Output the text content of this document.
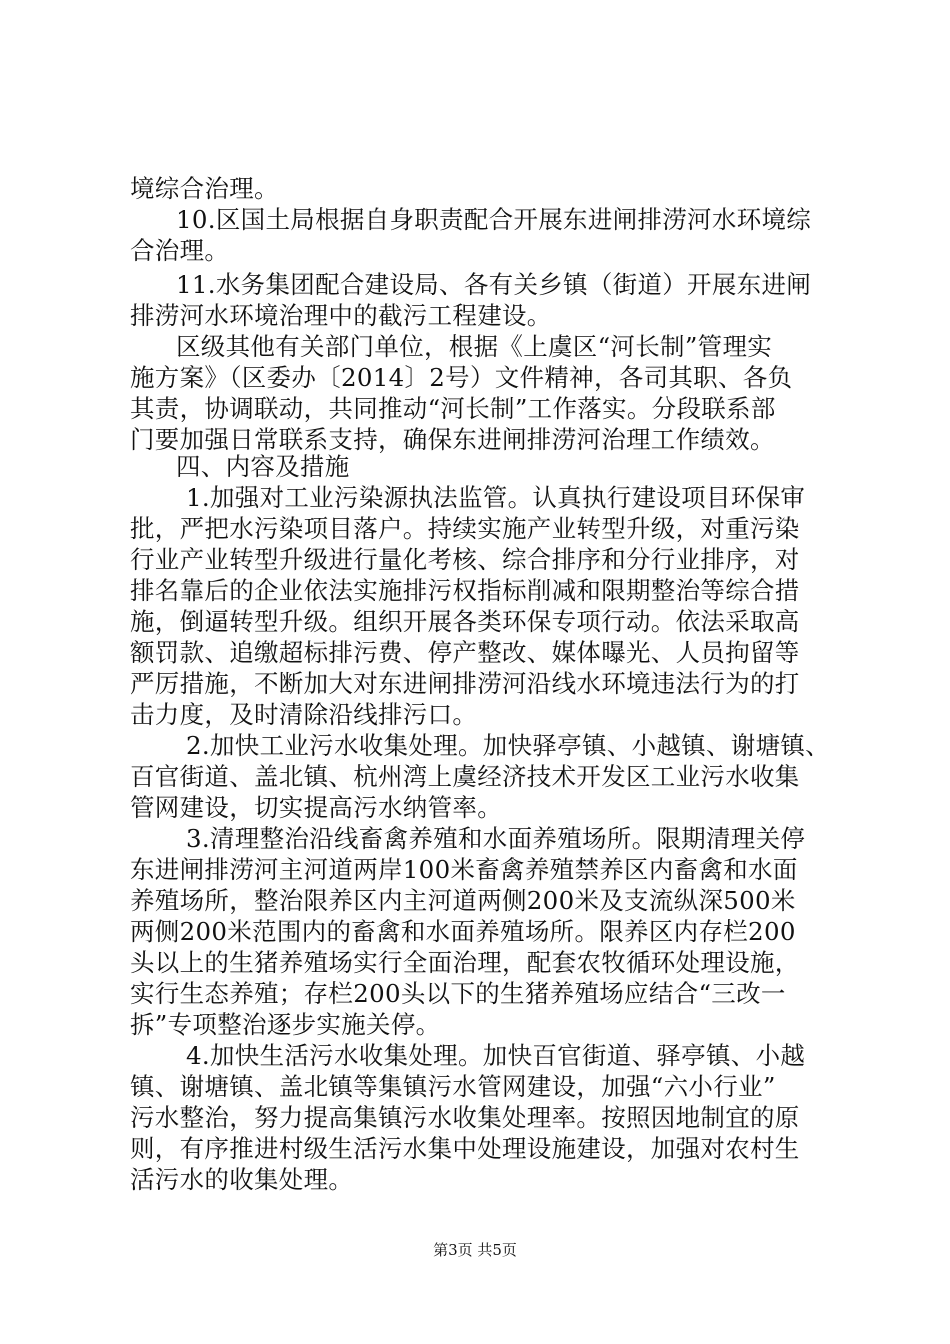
境综合治理。
10.区国土局根据自身职责配合开展东进闸排涝河水环境综
合治理。
11.水务集团配合建设局、各有关乡镇（街道）开展东进闸
排涝河水环境治理中的截污工程建设。
区级其他有关部门单位，根据《上虞区“河长制”管理实
施方案》（区委办〔2014〕2号）文件精神，各司其职、各负
其责，协调联动，共同推动“河长制”工作落实。分段联系部
门要加强日常联系支持，确保东进闸排涝河治理工作绩效。
四、内容及措施
1.加强对工业污染源执法监管。认真执行建设项目环保审
批，严把水污染项目落户。持续实施产业转型升级，对重污染
行业产业转型升级进行量化考核、综合排序和分行业排序，对
排名靠后的企业依法实施排污权指标削减和限期整治等综合措
施，倒逼转型升级。组织开展各类环保专项行动。依法采取高
额罚款、追缴超标排污费、停产整改、媒体曝光、人员拘留等
严厉措施，不断加大对东进闸排涝河沿线水环境违法行为的打
击力度，及时清除沿线排污口。
2.加快工业污水收集处理。加快驿亭镇、小越镇、谢塘镇、
百官街道、盖北镇、杭州湾上虞经济技术开发区工业污水收集
管网建设，切实提高污水纳管率。
3.清理整治沿线畜禽养殖和水面养殖场所。限期清理关停
东进闸排涝河主河道两岸100米畜禽养殖禁养区内畜禽和水面
养殖场所，整治限养区内主河道两侧200米及支流纵深500米
两侧200米范围内的畜禽和水面养殖场所。限养区内存栏200
头以上的生猪养殖场实行全面治理，配套农牧循环处理设施，
实行生态养殖；存栏200头以下的生猪养殖场应结合“三改一
拆”专项整治逐步实施关停。
4.加快生活污水收集处理。加快百官街道、驿亭镇、小越
镇、谢塘镇、盖北镇等集镇污水管网建设，加强“六小行业”
污水整治，努力提高集镇污水收集处理率。按照因地制宜的原
则，有序推进村级生活污水集中处理设施建设，加强对农村生
活污水的收集处理。
第3页 共5页
